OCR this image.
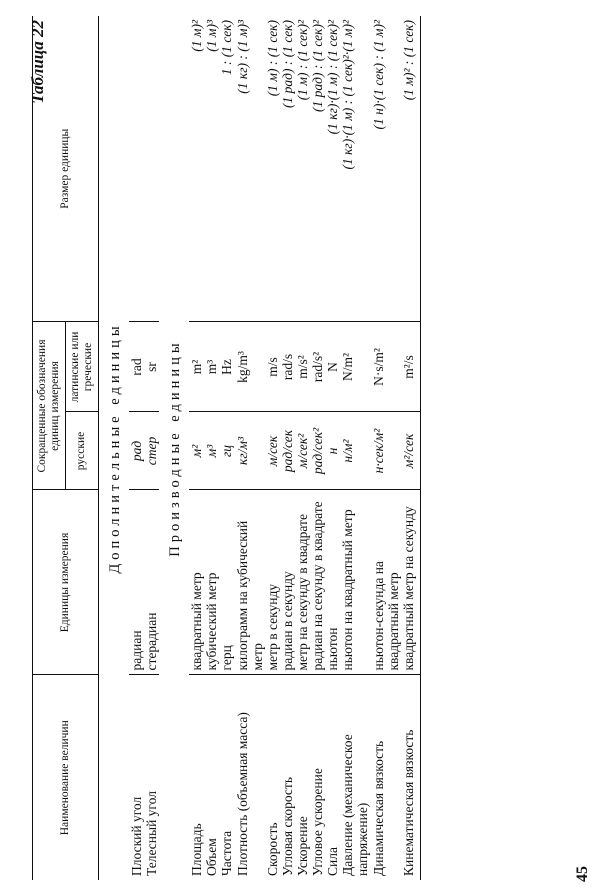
Таблица 22
45
Наименование величин	Единицы измерения	Сокращенные обозначения единиц измерения		Размер единицы
		русские	латинские или греческие	
Дополнительные единицы				
Плоский угол	радиан	рад	rad	
Телесный угол	стерадиан	стер	sr	
Производные единицы				
Площадь	квадратный метр	м²	m²	(1 м)²
Объем	кубический метр	м³	m³	(1 м)³
Частота	герц	гц	Hz	1 : (1 сек)
Плотность (объемная масса)	килограмм на кубический метр	кг/м³	kg/m³	(1 кг) : (1 м)³
Скорость	метр в секунду	м/сек	m/s	(1 м) : (1 сек)
Угловая скорость	радиан в секунду	рад/сек	rad/s	(1 рад) : (1 сек)
Ускорение	метр на секунду в квадрате	м/сек²	m/s²	(1 м) : (1 сек)²
Угловое ускорение	радиан на секунду в квадрате	рад/сек²	rad/s²	(1 рад) : (1 сек)²
Сила	ньютон	н	N	(1 кг)·(1 м) : (1 сек)²
Давление (механическое напряжение)	ньютон на квадратный метр	н/м²	N/m²	(1 кг)·(1 м) : (1 сек)²·(1 м)²
Динамическая вязкость	ньютон-секунда на квадратный метр	н·сек/м²	N·s/m²	(1 н)·(1 сек) : (1 м)²
Кинематическая вязкость	квадратный метр на секунду	м²/сек	m²/s	(1 м)² : (1 сек)
